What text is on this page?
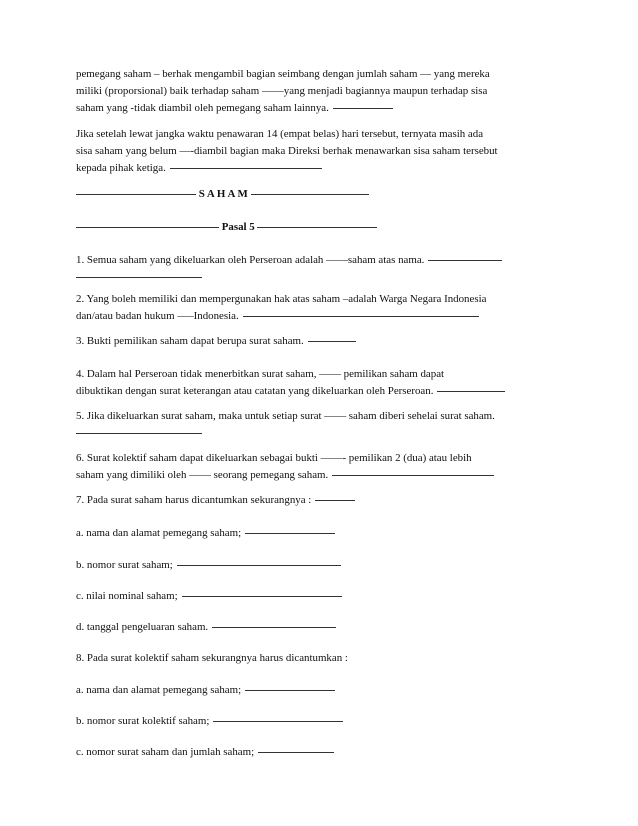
pemegang saham – berhak mengambil bagian seimbang dengan jumlah saham — yang mereka
miliki (proporsional) baik terhadap saham ——yang menjadi bagiannya maupun terhadap sisa
saham yang -tidak diambil oleh pemegang saham lainnya.
Jika setelah lewat jangka waktu penawaran 14 (empat belas) hari tersebut, ternyata masih ada
sisa saham yang belum —-diambil bagian maka Direksi berhak menawarkan sisa saham tersebut
kepada pihak ketiga.
S A H A M
Pasal 5
1. Semua saham yang dikeluarkan oleh Perseroan adalah ——saham atas nama.
2. Yang boleh memiliki dan mempergunakan hak atas saham –adalah Warga Negara Indonesia
dan/atau badan hukum —–Indonesia.
3. Bukti pemilikan saham dapat berupa surat saham.
4. Dalam hal Perseroan tidak menerbitkan surat saham, —— pemilikan saham dapat
dibuktikan dengan surat keterangan atau catatan yang dikeluarkan oleh Perseroan.
5. Jika dikeluarkan surat saham, maka untuk setiap surat —— saham diberi sehelai surat saham.
6. Surat kolektif saham dapat dikeluarkan sebagai bukti ——- pemilikan 2 (dua) atau lebih
saham yang dimiliki oleh —— seorang pemegang saham.
7. Pada surat saham harus dicantumkan sekurangnya :
a. nama dan alamat pemegang saham;
b. nomor surat saham;
c. nilai nominal saham;
d. tanggal pengeluaran saham.
8. Pada surat kolektif saham sekurangnya harus dicantumkan :
a. nama dan alamat pemegang saham;
b. nomor surat kolektif saham;
c. nomor surat saham dan jumlah saham;
